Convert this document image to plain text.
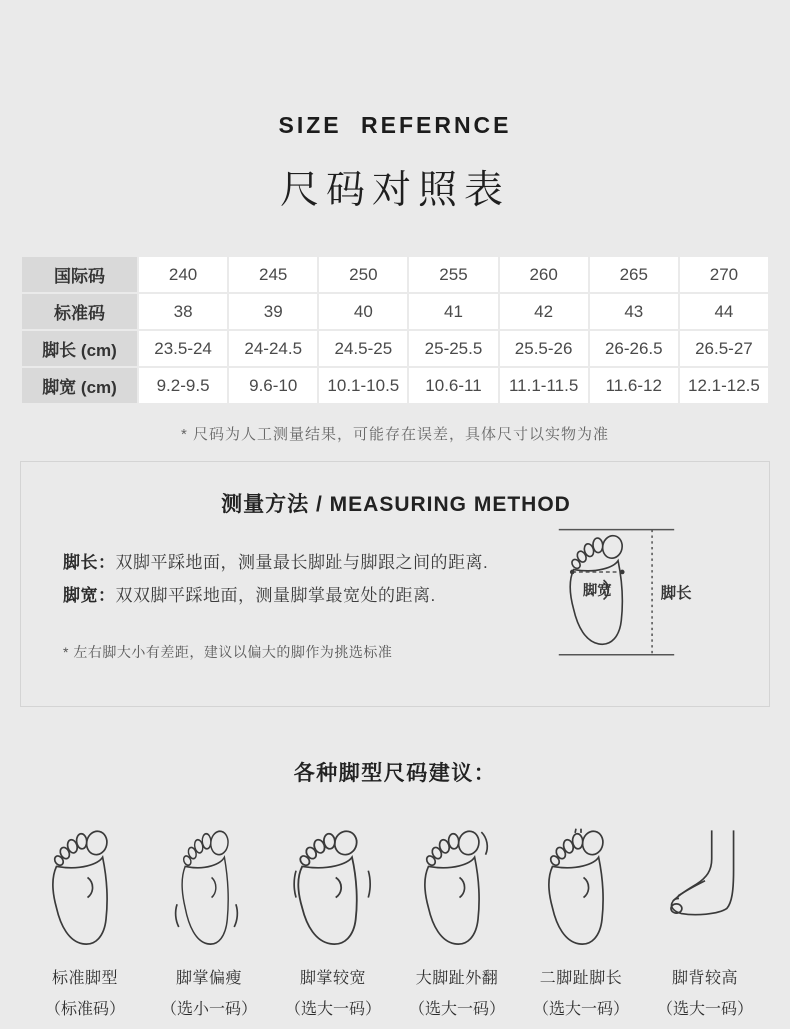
SIZE REFERNCE
尺码对照表
国际码	240	245	250	255	260	265	270
标准码	38	39	40	41	42	43	44
脚长 (cm)	23.5-24	24-24.5	24.5-25	25-25.5	25.5-26	26-26.5	26.5-27
脚宽 (cm)	9.2-9.5	9.6-10	10.1-10.5	10.6-11	11.1-11.5	11.6-12	12.1-12.5
* 尺码为人工测量结果，可能存在误差，具体尺寸以实物为准
测量方法 / MEASURING METHOD
脚长：双脚平踩地面，测量最长脚趾与脚跟之间的距离.
脚宽：双双脚平踩地面，测量脚掌最宽处的距离.
* 左右脚大小有差距，建议以偏大的脚作为挑选标准
脚宽	脚长
各种脚型尺码建议：
标准脚型
（标准码）
脚掌偏瘦
（选小一码）
脚掌较宽
（选大一码）
大脚趾外翻
（选大一码）
二脚趾脚长
（选大一码）
脚背较高
（选大一码）
